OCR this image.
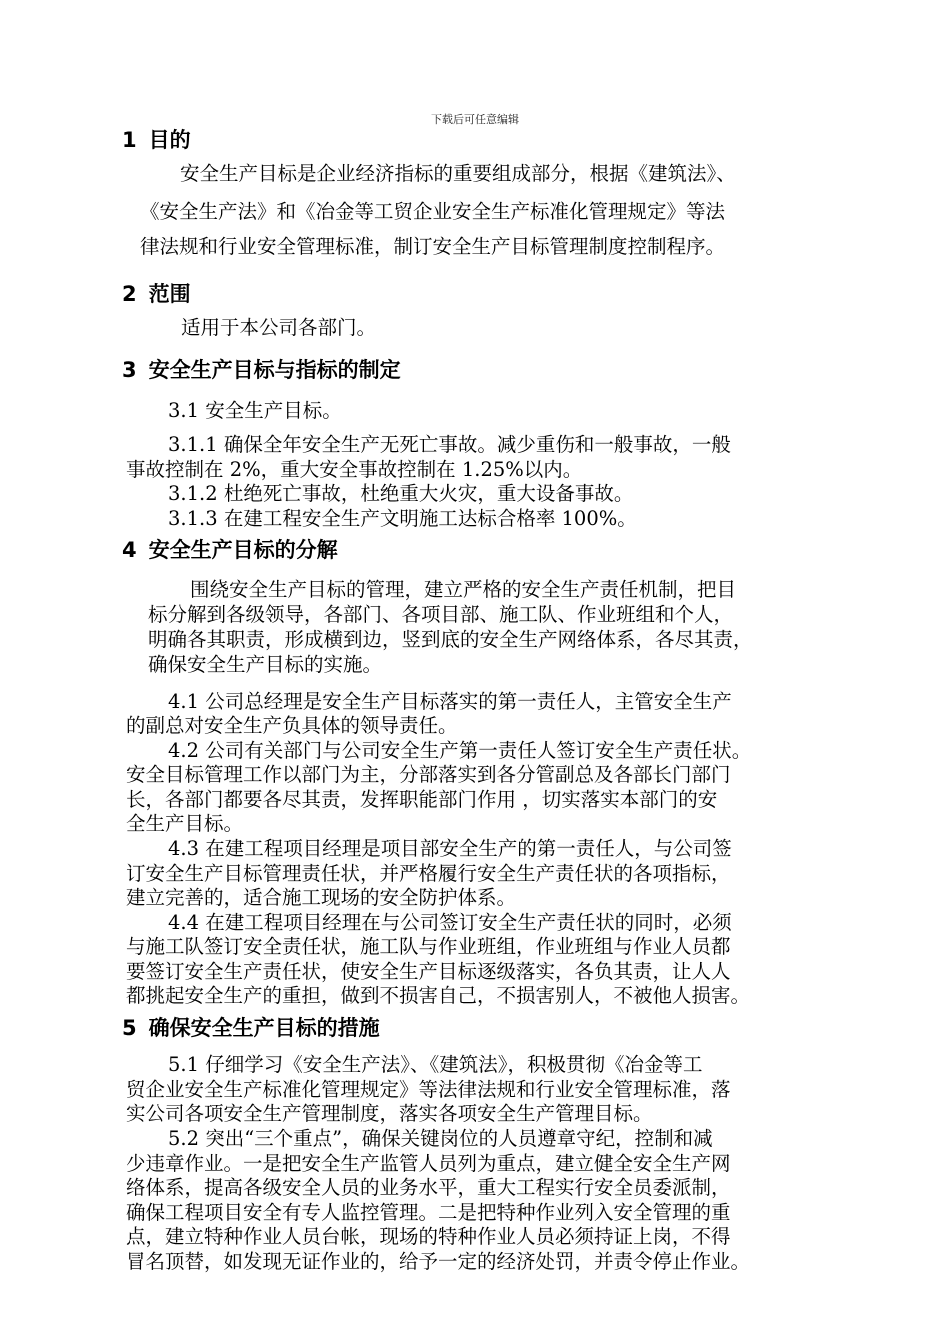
下载后可任意编辑
1 目的
安全生产目标是企业经济指标的重要组成部分，根据《建筑法》、
《安全生产法》和《冶金等工贸企业安全生产标准化管理规定》等法
律法规和行业安全管理标准，制订安全生产目标管理制度控制程序。
2 范围
适用于本公司各部门。
3 安全生产目标与指标的制定
3.1 安全生产目标。
3.1.1 确保全年安全生产无死亡事故。减少重伤和一般事故，一般
事故控制在 2%，重大安全事故控制在 1.25%以内。
3.1.2 杜绝死亡事故，杜绝重大火灾，重大设备事故。
3.1.3 在建工程安全生产文明施工达标合格率 100%。
4 安全生产目标的分解
围绕安全生产目标的管理，建立严格的安全生产责任机制，把目
标分解到各级领导，各部门、各项目部、施工队、作业班组和个人，
明确各其职责，形成横到边，竖到底的安全生产网络体系，各尽其责，
确保安全生产目标的实施。
4.1 公司总经理是安全生产目标落实的第一责任人，主管安全生产
的副总对安全生产负具体的领导责任。
4.2 公司有关部门与公司安全生产第一责任人签订安全生产责任状。
安全目标管理工作以部门为主，分部落实到各分管副总及各部长门部门
长，各部门都要各尽其责，发挥职能部门作用 ，切实落实本部门的安
全生产目标。
4.3 在建工程项目经理是项目部安全生产的第一责任人，与公司签
订安全生产目标管理责任状，并严格履行安全生产责任状的各项指标，
建立完善的，适合施工现场的安全防护体系。
4.4 在建工程项目经理在与公司签订安全生产责任状的同时，必须
与施工队签订安全责任状，施工队与作业班组，作业班组与作业人员都
要签订安全生产责任状，使安全生产目标逐级落实，各负其责，让人人
都挑起安全生产的重担，做到不损害自己，不损害别人，不被他人损害。
5 确保安全生产目标的措施
5.1 仔细学习《安全生产法》、《建筑法》，积极贯彻《冶金等工
贸企业安全生产标准化管理规定》等法律法规和行业安全管理标准，落
实公司各项安全生产管理制度，落实各项安全生产管理目标。
5.2 突出“三个重点”，确保关键岗位的人员遵章守纪，控制和减
少违章作业。一是把安全生产监管人员列为重点，建立健全安全生产网
络体系，提高各级安全人员的业务水平，重大工程实行安全员委派制，
确保工程项目安全有专人监控管理。二是把特种作业列入安全管理的重
点，建立特种作业人员台帐，现场的特种作业人员必须持证上岗，不得
冒名顶替，如发现无证作业的，给予一定的经济处罚，并责令停止作业。
